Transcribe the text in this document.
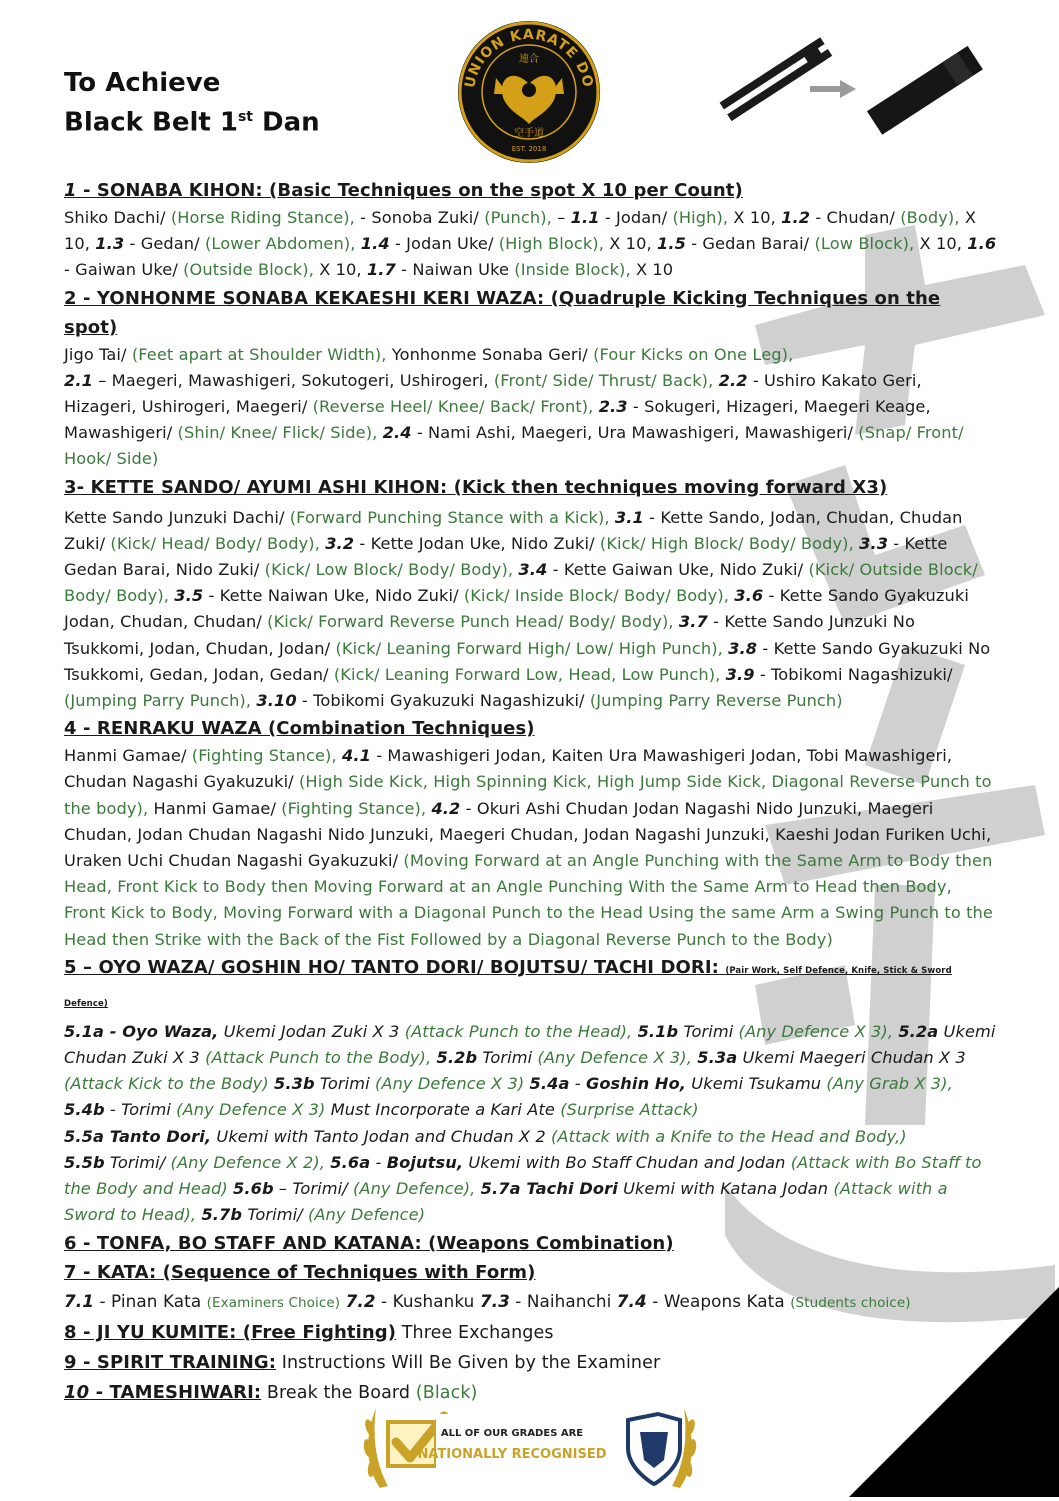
To Achieve
Black Belt 1st Dan
UNION KARATE DO
連合
空手道
EST. 2018

1 - SONABA KIHON: (Basic Techniques on the spot X 10 per Count)

Shiko Dachi/ (Horse Riding Stance), - Sonoba Zuki/ (Punch), – 1.1 - Jodan/ (High), X 10, 1.2 - Chudan/ (Body), X 10, 1.3 - Gedan/ (Lower Abdomen), 1.4 - Jodan Uke/ (High Block), X 10, 1.5 - Gedan Barai/ (Low Block), X 10, 1.6 - Gaiwan Uke/ (Outside Block), X 10, 1.7 - Naiwan Uke (Inside Block), X 10

2 - YONHONME SONABA KEKAESHI KERI WAZA: (Quadruple Kicking Techniques on the spot)

Jigo Tai/ (Feet apart at Shoulder Width), Yonhonme Sonaba Geri/ (Four Kicks on One Leg),
2.1 – Maegeri, Mawashigeri, Sokutogeri, Ushirogeri, (Front/ Side/ Thrust/ Back), 2.2 - Ushiro Kakato Geri, Hizageri, Ushirogeri, Maegeri/ (Reverse Heel/ Knee/ Back/ Front), 2.3 - Sokugeri, Hizageri, Maegeri Keage, Mawashigeri/ (Shin/ Knee/ Flick/ Side), 2.4 - Nami Ashi, Maegeri, Ura Mawashigeri, Mawashigeri/ (Snap/ Front/ Hook/ Side)

3- KETTE SANDO/ AYUMI ASHI KIHON: (Kick then techniques moving forward X3)

Kette Sando Junzuki Dachi/ (Forward Punching Stance with a Kick), 3.1 - Kette Sando, Jodan, Chudan, Chudan Zuki/ (Kick/ Head/ Body/ Body), 3.2 - Kette Jodan Uke, Nido Zuki/ (Kick/ High Block/ Body/ Body), 3.3 - Kette Gedan Barai, Nido Zuki/ (Kick/ Low Block/ Body/ Body), 3.4 - Kette Gaiwan Uke, Nido Zuki/ (Kick/ Outside Block/ Body/ Body), 3.5 - Kette Naiwan Uke, Nido Zuki/ (Kick/ Inside Block/ Body/ Body), 3.6 - Kette Sando Gyakuzuki Jodan, Chudan, Chudan/ (Kick/ Forward Reverse Punch Head/ Body/ Body), 3.7 - Kette Sando Junzuki No Tsukkomi, Jodan, Chudan, Jodan/ (Kick/ Leaning Forward High/ Low/ High Punch), 3.8 - Kette Sando Gyakuzuki No Tsukkomi, Gedan, Jodan, Gedan/ (Kick/ Leaning Forward Low, Head, Low Punch), 3.9 - Tobikomi Nagashizuki/ (Jumping Parry Punch), 3.10 - Tobikomi Gyakuzuki Nagashizuki/ (Jumping Parry Reverse Punch)

4 - RENRAKU WAZA (Combination Techniques)

Hanmi Gamae/ (Fighting Stance), 4.1 - Mawashigeri Jodan, Kaiten Ura Mawashigeri Jodan, Tobi Mawashigeri, Chudan Nagashi Gyakuzuki/ (High Side Kick, High Spinning Kick, High Jump Side Kick, Diagonal Reverse Punch to the body), Hanmi Gamae/ (Fighting Stance), 4.2 - Okuri Ashi Chudan Jodan Nagashi Nido Junzuki, Maegeri Chudan, Jodan Chudan Nagashi Nido Junzuki, Maegeri Chudan, Jodan Nagashi Junzuki, Kaeshi Jodan Furiken Uchi, Uraken Uchi Chudan Nagashi Gyakuzuki/ (Moving Forward at an Angle Punching with the Same Arm to Body then Head, Front Kick to Body then Moving Forward at an Angle Punching With the Same Arm to Head then Body, Front Kick to Body, Moving Forward with a Diagonal Punch to the Head Using the same Arm a Swing Punch to the Head then Strike with the Back of the Fist Followed by a Diagonal Reverse Punch to the Body)

5 – OYO WAZA/ GOSHIN HO/ TANTO DORI/ BOJUTSU/ TACHI DORI: (Pair Work, Self Defence, Knife, Stick & Sword Defence)

5.1a - Oyo Waza, Ukemi Jodan Zuki X 3 (Attack Punch to the Head), 5.1b Torimi (Any Defence X 3), 5.2a Ukemi Chudan Zuki X 3 (Attack Punch to the Body), 5.2b Torimi (Any Defence X 3), 5.3a Ukemi Maegeri Chudan X 3 (Attack Kick to the Body) 5.3b Torimi (Any Defence X 3) 5.4a - Goshin Ho, Ukemi Tsukamu (Any Grab X 3), 5.4b - Torimi (Any Defence X 3) Must Incorporate a Kari Ate (Surprise Attack)
5.5a Tanto Dori, Ukemi with Tanto Jodan and Chudan X 2 (Attack with a Knife to the Head and Body,)
5.5b Torimi/ (Any Defence X 2), 5.6a - Bojutsu, Ukemi with Bo Staff Chudan and Jodan (Attack with Bo Staff to the Body and Head) 5.6b – Torimi/ (Any Defence), 5.7a Tachi Dori Ukemi with Katana Jodan (Attack with a Sword to Head), 5.7b Torimi/ (Any Defence)

6 - TONFA, BO STAFF AND KATANA: (Weapons Combination)

7 - KATA: (Sequence of Techniques with Form)

7.1 - Pinan Kata (Examiners Choice) 7.2 - Kushanku 7.3 - Naihanchi 7.4 - Weapons Kata (Students choice)

8 - JI YU KUMITE: (Free Fighting) Three Exchanges

9 - SPIRIT TRAINING: Instructions Will Be Given by the Examiner

10 - TAMESHIWARI: Break the Board (Black)

ALL OF OUR GRADES ARE
NATIONALLY RECOGNISED
